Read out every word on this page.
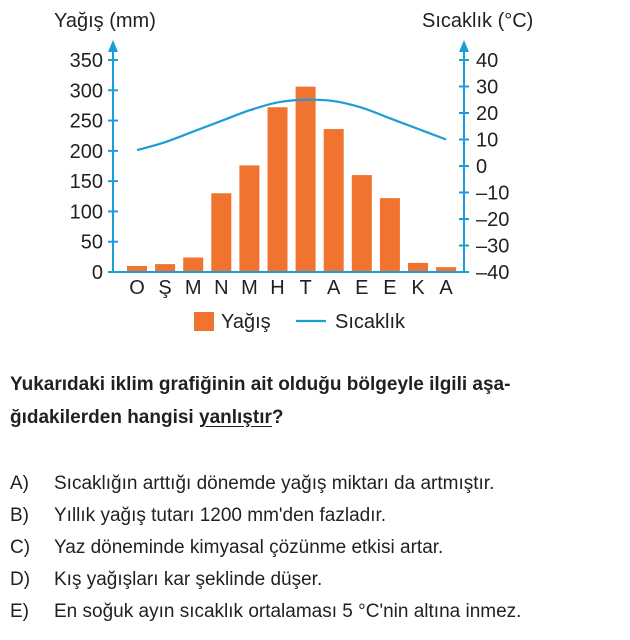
Yağış (mm)	Sıcaklık (°C)
0
50
100
150
200
250
300
350
–40
–30
–20
–10
0
10
20
30
40
O Ş M N M H T A E E K A
Yağış	Sıcaklık
Yukarıdaki iklim grafiğinin ait olduğu bölgeyle ilgili aşa-ğıdakilerden hangisi yanlıştır?
A)	Sıcaklığın arttığı dönemde yağış miktarı da artmıştır.
B)	Yıllık yağış tutarı 1200 mm'den fazladır.
C)	Yaz döneminde kimyasal çözünme etkisi artar.
D)	Kış yağışları kar şeklinde düşer.
E)	En soğuk ayın sıcaklık ortalaması 5 °C'nin altına inmez.
